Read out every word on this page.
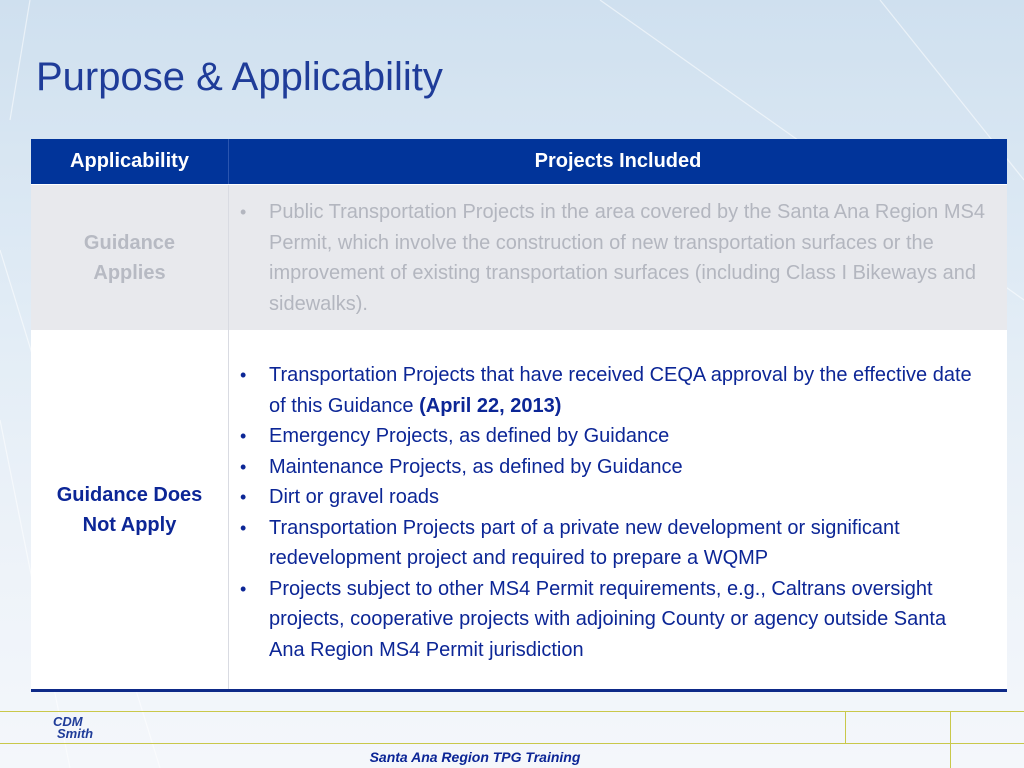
Purpose & Applicability
Applicability	Projects Included
Guidance Applies
• Public Transportation Projects in the area covered by the Santa Ana Region MS4 Permit, which involve the construction of new transportation surfaces or the improvement of existing transportation surfaces (including Class I Bikeways and sidewalks).
Guidance Does Not Apply
• Transportation Projects that have received CEQA approval by the effective date of this Guidance (April 22, 2013)
• Emergency Projects, as defined by Guidance
• Maintenance Projects, as defined by Guidance
• Dirt or gravel roads
• Transportation Projects part of a private new development or significant redevelopment project and required to prepare a WQMP
• Projects subject to other MS4 Permit requirements, e.g., Caltrans oversight projects, cooperative projects with adjoining County or agency outside Santa Ana Region MS4 Permit jurisdiction
CDM
Smith
Santa Ana Region TPG Training
